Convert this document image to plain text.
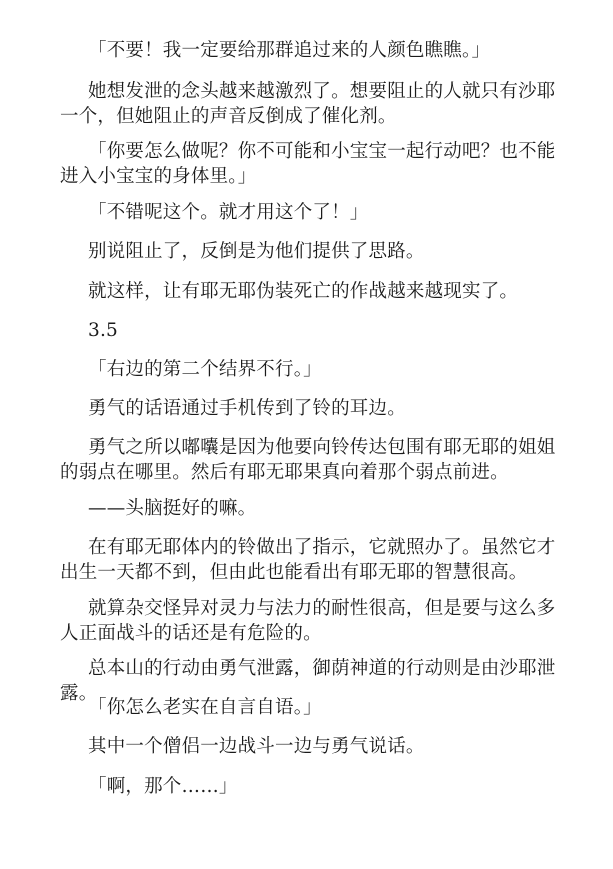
「不要！我一定要给那群追过来的人颜色瞧瞧。」

她想发泄的念头越来越激烈了。想要阻止的人就只有沙耶一个，但她阻止的声音反倒成了催化剂。

「你要怎么做呢？你不可能和小宝宝一起行动吧？也不能进入小宝宝的身体里。」

「不错呢这个。就才用这个了！」

别说阻止了，反倒是为他们提供了思路。

就这样，让有耶无耶伪装死亡的作战越来越现实了。

3.5

「右边的第二个结界不行。」

勇气的话语通过手机传到了铃的耳边。

勇气之所以嘟囔是因为他要向铃传达包围有耶无耶的姐姐的弱点在哪里。然后有耶无耶果真向着那个弱点前进。

——头脑挺好的嘛。

在有耶无耶体内的铃做出了指示，它就照办了。虽然它才出生一天都不到，但由此也能看出有耶无耶的智慧很高。

就算杂交怪异对灵力与法力的耐性很高，但是要与这么多人正面战斗的话还是有危险的。

总本山的行动由勇气泄露，御荫神道的行动则是由沙耶泄露。

「你怎么老实在自言自语。」

其中一个僧侣一边战斗一边与勇气说话。

「啊，那个……」
